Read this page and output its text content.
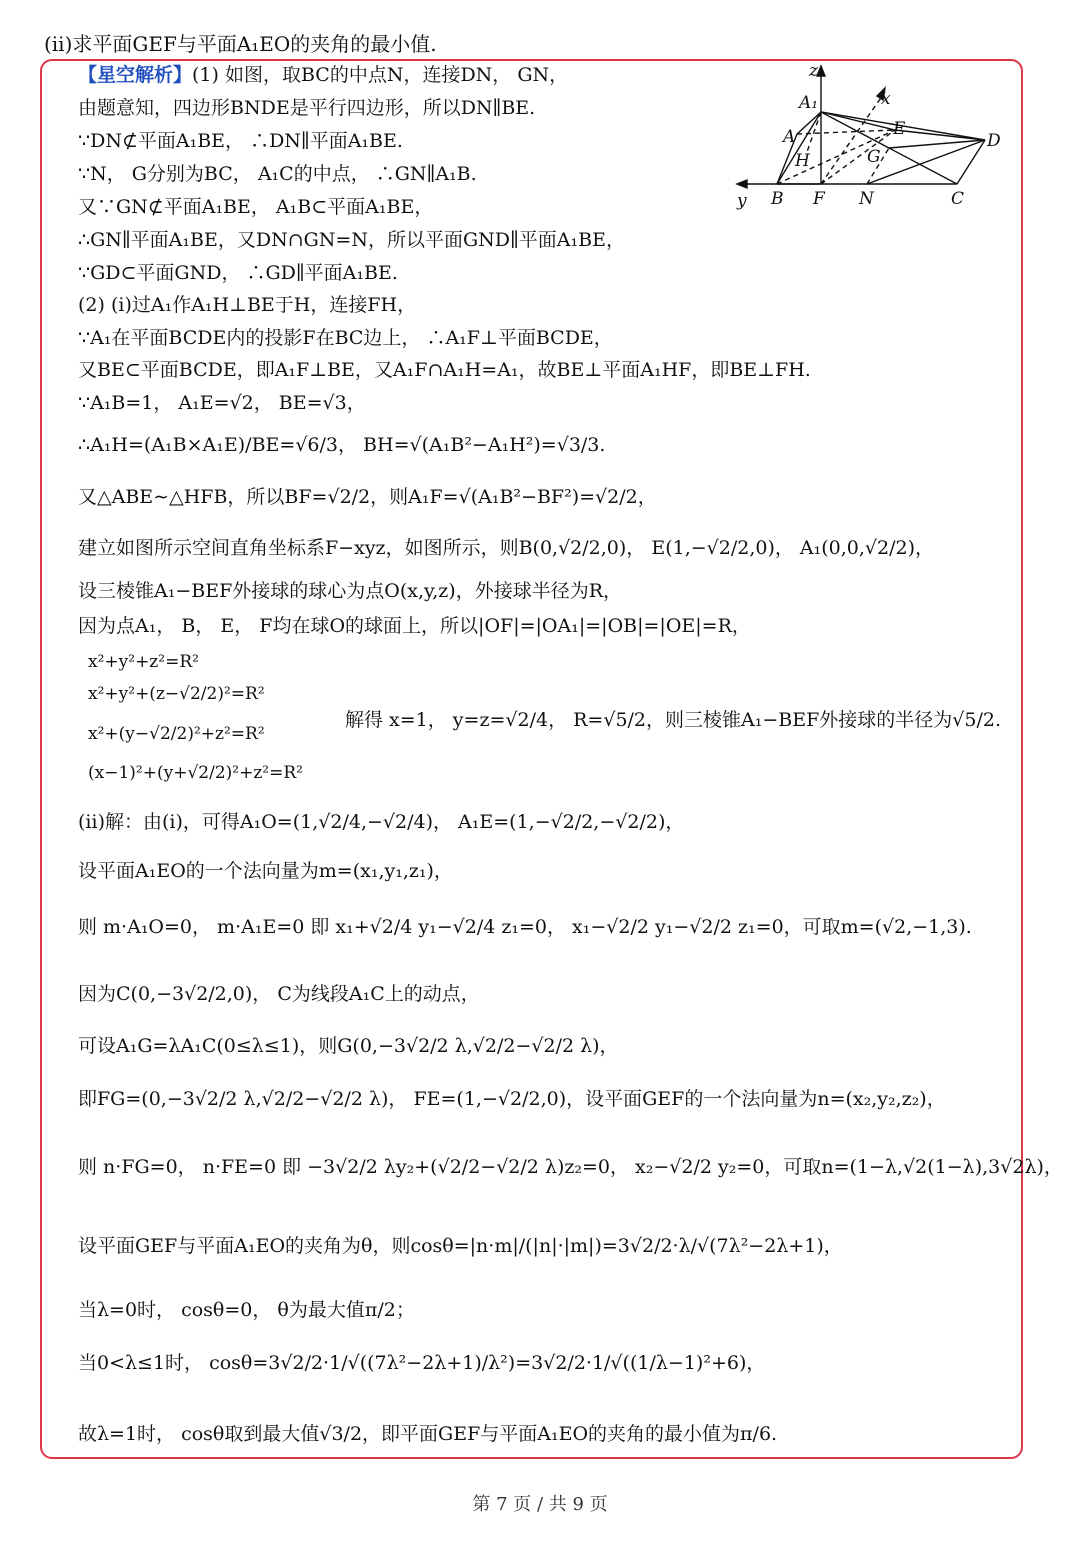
(ⅱ)求平面GEF与平面A₁EO的夹角的最小值.
【星空解析】(1) 如图，取BC的中点N，连接DN， GN，
由题意知，四边形BNDE是平行四边形，所以DN∥BE.
∵DN⊄平面A₁BE， ∴DN∥平面A₁BE.
∵N， G分别为BC， A₁C的中点， ∴GN∥A₁B.
又∵GN⊄平面A₁BE， A₁B⊂平面A₁BE，
∴GN∥平面A₁BE，又DN∩GN=N，所以平面GND∥平面A₁BE，
∵GD⊂平面GND， ∴GD∥平面A₁BE.
(2) (ⅰ)过A₁作A₁H⊥BE于H，连接FH，
∵A₁在平面BCDE内的投影F在BC边上， ∴A₁F⊥平面BCDE，
又BE⊂平面BCDE，即A₁F⊥BE，又A₁F∩A₁H=A₁，故BE⊥平面A₁HF，即BE⊥FH.
∵A₁B=1， A₁E=√2， BE=√3，
∴A₁H=(A₁B×A₁E)/BE=√6/3， BH=√(A₁B²−A₁H²)=√3/3.
又△ABE∼△HFB，所以BF=√2/2，则A₁F=√(A₁B²−BF²)=√2/2，
建立如图所示空间直角坐标系F−xyz，如图所示，则B(0,√2/2,0)， E(1,−√2/2,0)， A₁(0,0,√2/2)，
设三棱锥A₁−BEF外接球的球心为点O(x,y,z)，外接球半径为R，
因为点A₁， B， E， F均在球O的球面上，所以|OF|=|OA₁|=|OB|=|OE|=R，
x²+y²+z²=R²
x²+y²+(z−√2/2)²=R²
x²+(y−√2/2)²+z²=R²
(x−1)²+(y+√2/2)²+z²=R²
解得 x=1， y=z=√2/4， R=√5/2，则三棱锥A₁−BEF外接球的半径为√5/2.
(ⅱ)解：由(ⅰ)，可得A₁O=(1,√2/4,−√2/4)， A₁E=(1,−√2/2,−√2/2)，
设平面A₁EO的一个法向量为m=(x₁,y₁,z₁)，
则 m·A₁O=0， m·A₁E=0 即 x₁+√2/4 y₁−√2/4 z₁=0， x₁−√2/2 y₁−√2/2 z₁=0，可取m=(√2,−1,3).
因为C(0,−3√2/2,0)， C为线段A₁C上的动点，
可设A₁G=λA₁C(0≤λ≤1)，则G(0,−3√2/2 λ,√2/2−√2/2 λ)，
即FG=(0,−3√2/2 λ,√2/2−√2/2 λ)， FE=(1,−√2/2,0)，设平面GEF的一个法向量为n=(x₂,y₂,z₂)，
则 n·FG=0， n·FE=0 即 −3√2/2 λy₂+(√2/2−√2/2 λ)z₂=0， x₂−√2/2 y₂=0，可取n=(1−λ,√2(1−λ),3√2λ)，
设平面GEF与平面A₁EO的夹角为θ，则cosθ=|n·m|/(|n|·|m|)=3√2/2·λ/√(7λ²−2λ+1)，
当λ=0时， cosθ=0， θ为最大值π/2；
当0<λ≤1时， cosθ=3√2/2·1/√((7λ²−2λ+1)/λ²)=3√2/2·1/√((1/λ−1)²+6)，
故λ=1时， cosθ取到最大值√3/2，即平面GEF与平面A₁EO的夹角的最小值为π/6.
z
A₁	x
A	E
D
H	G
y B F N	C
第 7 页 / 共 9 页
